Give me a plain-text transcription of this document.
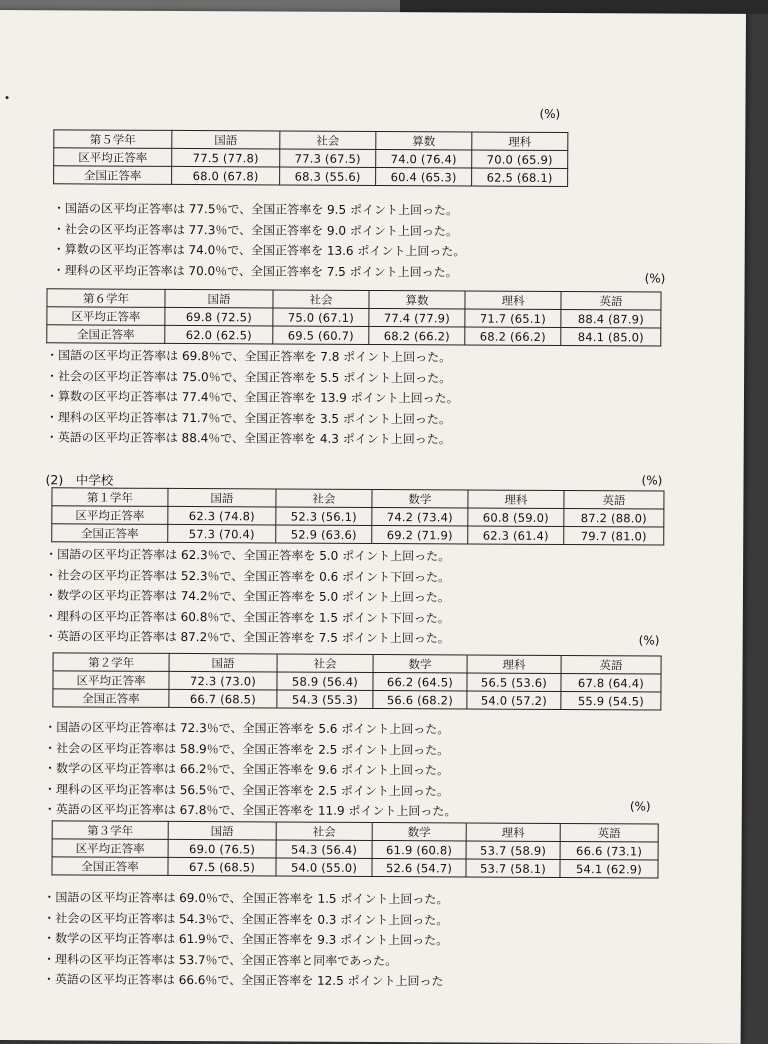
(%)
第５学年	国語	社会	算数	理科
区平均正答率	77.5 (77.8)	77.3 (67.5)	74.0 (76.4)	70.0 (65.9)
全国正答率	68.0 (67.8)	68.3 (55.6)	60.4 (65.3)	62.5 (68.1)
・国語の区平均正答率は 77.5％で、全国正答率を 9.5 ポイント上回った。
・社会の区平均正答率は 77.3％で、全国正答率を 9.0 ポイント上回った。
・算数の区平均正答率は 74.0％で、全国正答率を 13.6 ポイント上回った。
・理科の区平均正答率は 70.0％で、全国正答率を 7.5 ポイント上回った。	(%)
第６学年	国語	社会	算数	理科	英語
区平均正答率	69.8 (72.5)	75.0 (67.1)	77.4 (77.9)	71.7 (65.1)	88.4 (87.9)
全国正答率	62.0 (62.5)	69.5 (60.7)	68.2 (66.2)	68.2 (66.2)	84.1 (85.0)
・国語の区平均正答率は 69.8％で、全国正答率を 7.8 ポイント上回った。
・社会の区平均正答率は 75.0％で、全国正答率を 5.5 ポイント上回った。
・算数の区平均正答率は 77.4％で、全国正答率を 13.9 ポイント上回った。
・理科の区平均正答率は 71.7％で、全国正答率を 3.5 ポイント上回った。
・英語の区平均正答率は 88.4％で、全国正答率を 4.3 ポイント上回った。
(2)　中学校	(%)
第１学年	国語	社会	数学	理科	英語
区平均正答率	62.3 (74.8)	52.3 (56.1)	74.2 (73.4)	60.8 (59.0)	87.2 (88.0)
全国正答率	57.3 (70.4)	52.9 (63.6)	69.2 (71.9)	62.3 (61.4)	79.7 (81.0)
・国語の区平均正答率は 62.3％で、全国正答率を 5.0 ポイント上回った。
・社会の区平均正答率は 52.3％で、全国正答率を 0.6 ポイント下回った。
・数学の区平均正答率は 74.2％で、全国正答率を 5.0 ポイント上回った。
・理科の区平均正答率は 60.8％で、全国正答率を 1.5 ポイント下回った。
・英語の区平均正答率は 87.2％で、全国正答率を 7.5 ポイント上回った。	(%)
第２学年	国語	社会	数学	理科	英語
区平均正答率	72.3 (73.0)	58.9 (56.4)	66.2 (64.5)	56.5 (53.6)	67.8 (64.4)
全国正答率	66.7 (68.5)	54.3 (55.3)	56.6 (68.2)	54.0 (57.2)	55.9 (54.5)
・国語の区平均正答率は 72.3％で、全国正答率を 5.6 ポイント上回った。
・社会の区平均正答率は 58.9％で、全国正答率を 2.5 ポイント上回った。
・数学の区平均正答率は 66.2％で、全国正答率を 9.6 ポイント上回った。
・理科の区平均正答率は 56.5％で、全国正答率を 2.5 ポイント上回った。
・英語の区平均正答率は 67.8％で、全国正答率を 11.9 ポイント上回った。	(%)
第３学年	国語	社会	数学	理科	英語
区平均正答率	69.0 (76.5)	54.3 (56.4)	61.9 (60.8)	53.7 (58.9)	66.6 (73.1)
全国正答率	67.5 (68.5)	54.0 (55.0)	52.6 (54.7)	53.7 (58.1)	54.1 (62.9)
・国語の区平均正答率は 69.0％で、全国正答率を 1.5 ポイント上回った。
・社会の区平均正答率は 54.3％で、全国正答率を 0.3 ポイント上回った。
・数学の区平均正答率は 61.9％で、全国正答率を 9.3 ポイント上回った。
・理科の区平均正答率は 53.7％で、全国正答率と同率であった。
・英語の区平均正答率は 66.6％で、全国正答率を 12.5 ポイント上回った
